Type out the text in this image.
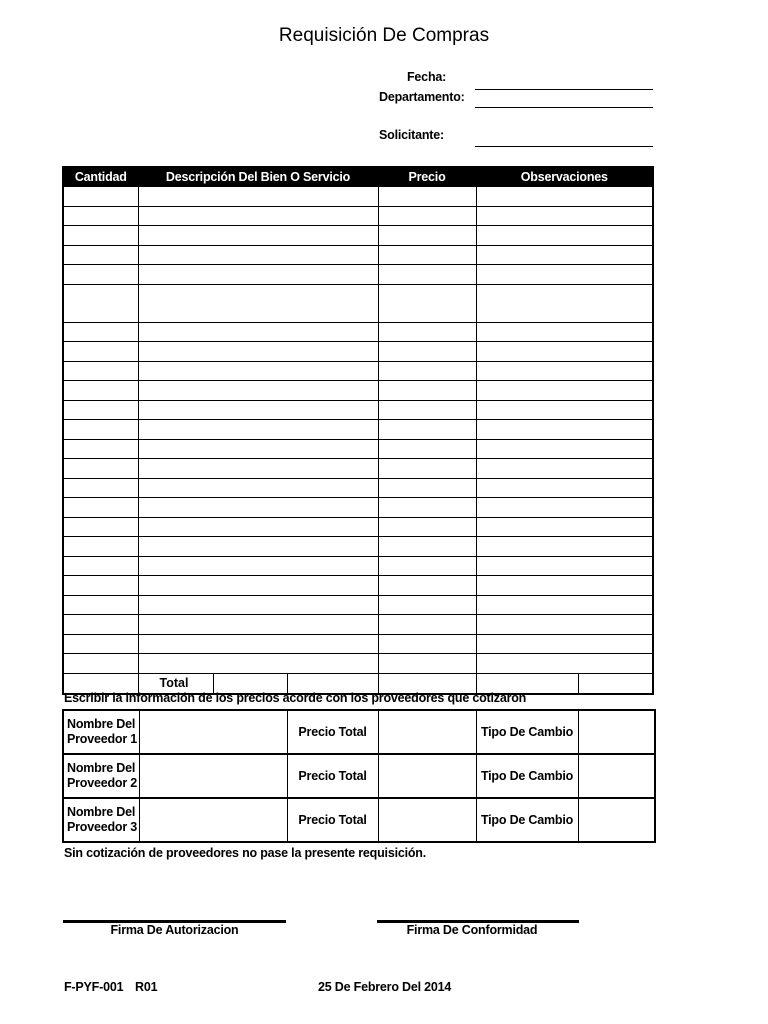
Requisición De Compras
Fecha:
Departamento:
Solicitante:
Cantidad	Descripción Del Bien O Servicio			Precio	Observaciones	

	Total					
Escribir la información de los precios acorde con los proveedores que cotizaron
Nombre Del Proveedor 1		Precio Total		Tipo De Cambio	
Nombre Del Proveedor 2		Precio Total		Tipo De Cambio	
Nombre Del Proveedor 3		Precio Total		Tipo De Cambio	
Sin cotización de proveedores no pase la presente requisición.
Firma De Autorizacion	Firma De Conformidad
F-PYF-001 R01	25 De Febrero Del 2014
